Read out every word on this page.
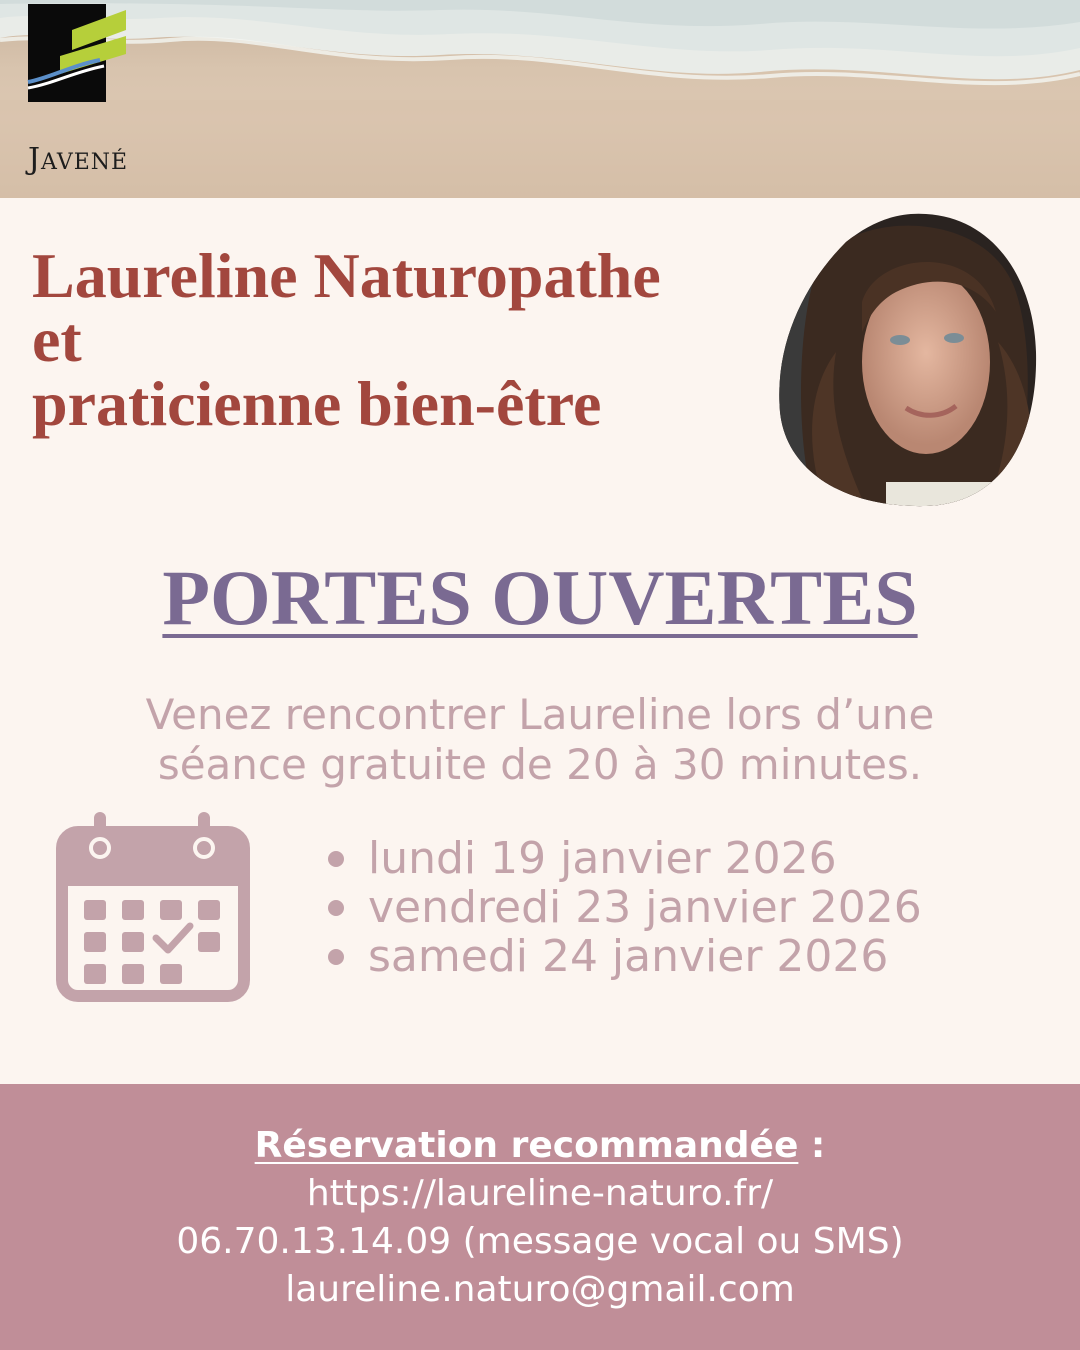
JAVENÉ
Laureline Naturopathe
et
praticienne bien-être
PORTES OUVERTES
Venez rencontrer Laureline lors d’une
séance gratuite de 20 à 30 minutes.
lundi 19 janvier 2026
vendredi 23 janvier 2026
samedi 24 janvier 2026
Réservation recommandée :
https://laureline-naturo.fr/
06.70.13.14.09 (message vocal ou SMS)
laureline.naturo@gmail.com
